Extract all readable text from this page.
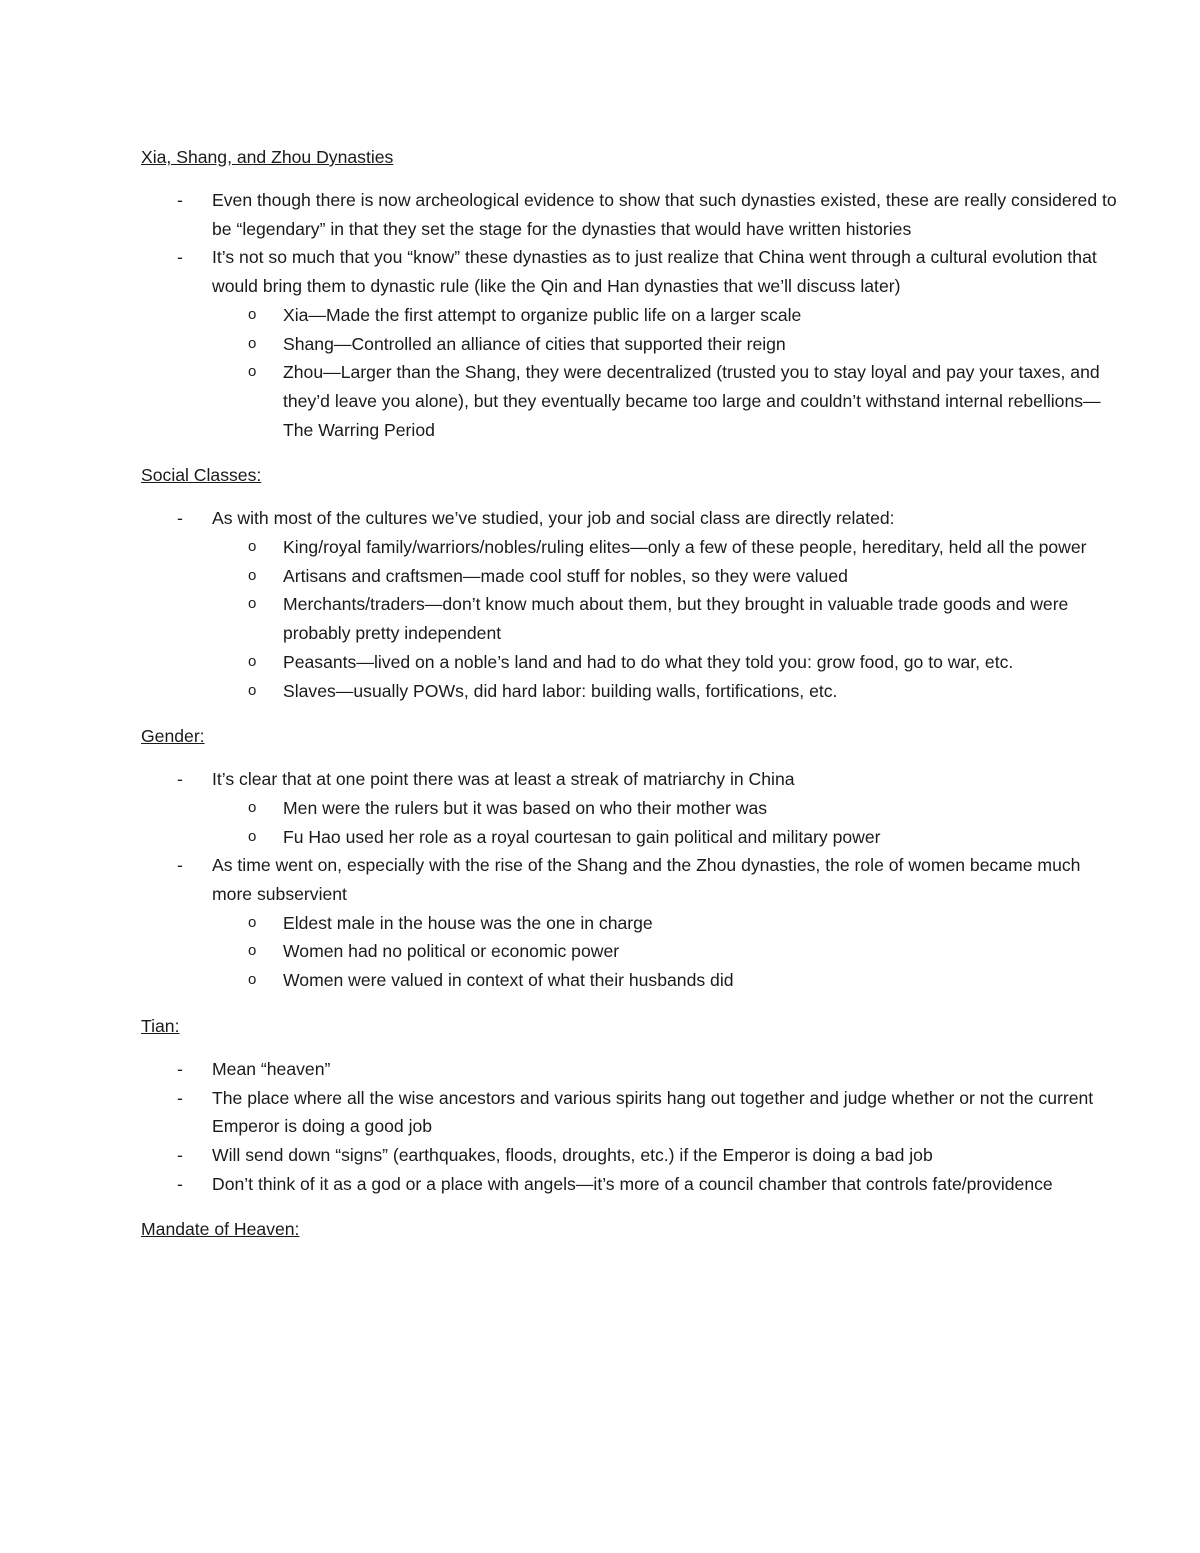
Xia, Shang, and Zhou Dynasties

- Even though there is now archeological evidence to show that such dynasties existed, these are really considered to be “legendary” in that they set the stage for the dynasties that would have written histories
- It’s not so much that you “know” these dynasties as to just realize that China went through a cultural evolution that would bring them to dynastic rule (like the Qin and Han dynasties that we’ll discuss later)
o Xia—Made the first attempt to organize public life on a larger scale
o Shang—Controlled an alliance of cities that supported their reign
o Zhou—Larger than the Shang, they were decentralized (trusted you to stay loyal and pay your taxes, and they’d leave you alone), but they eventually became too large and couldn’t withstand internal rebellions—The Warring Period

Social Classes:

- As with most of the cultures we’ve studied, your job and social class are directly related:
o King/royal family/warriors/nobles/ruling elites—only a few of these people, hereditary, held all the power
o Artisans and craftsmen—made cool stuff for nobles, so they were valued
o Merchants/traders—don’t know much about them, but they brought in valuable trade goods and were probably pretty independent
o Peasants—lived on a noble’s land and had to do what they told you: grow food, go to war, etc.
o Slaves—usually POWs, did hard labor: building walls, fortifications, etc.

Gender:

- It’s clear that at one point there was at least a streak of matriarchy in China
o Men were the rulers but it was based on who their mother was
o Fu Hao used her role as a royal courtesan to gain political and military power
- As time went on, especially with the rise of the Shang and the Zhou dynasties, the role of women became much more subservient
o Eldest male in the house was the one in charge
o Women had no political or economic power
o Women were valued in context of what their husbands did

Tian:

- Mean “heaven”
- The place where all the wise ancestors and various spirits hang out together and judge whether or not the current Emperor is doing a good job
- Will send down “signs” (earthquakes, floods, droughts, etc.) if the Emperor is doing a bad job
- Don’t think of it as a god or a place with angels—it’s more of a council chamber that controls fate/providence

Mandate of Heaven:
